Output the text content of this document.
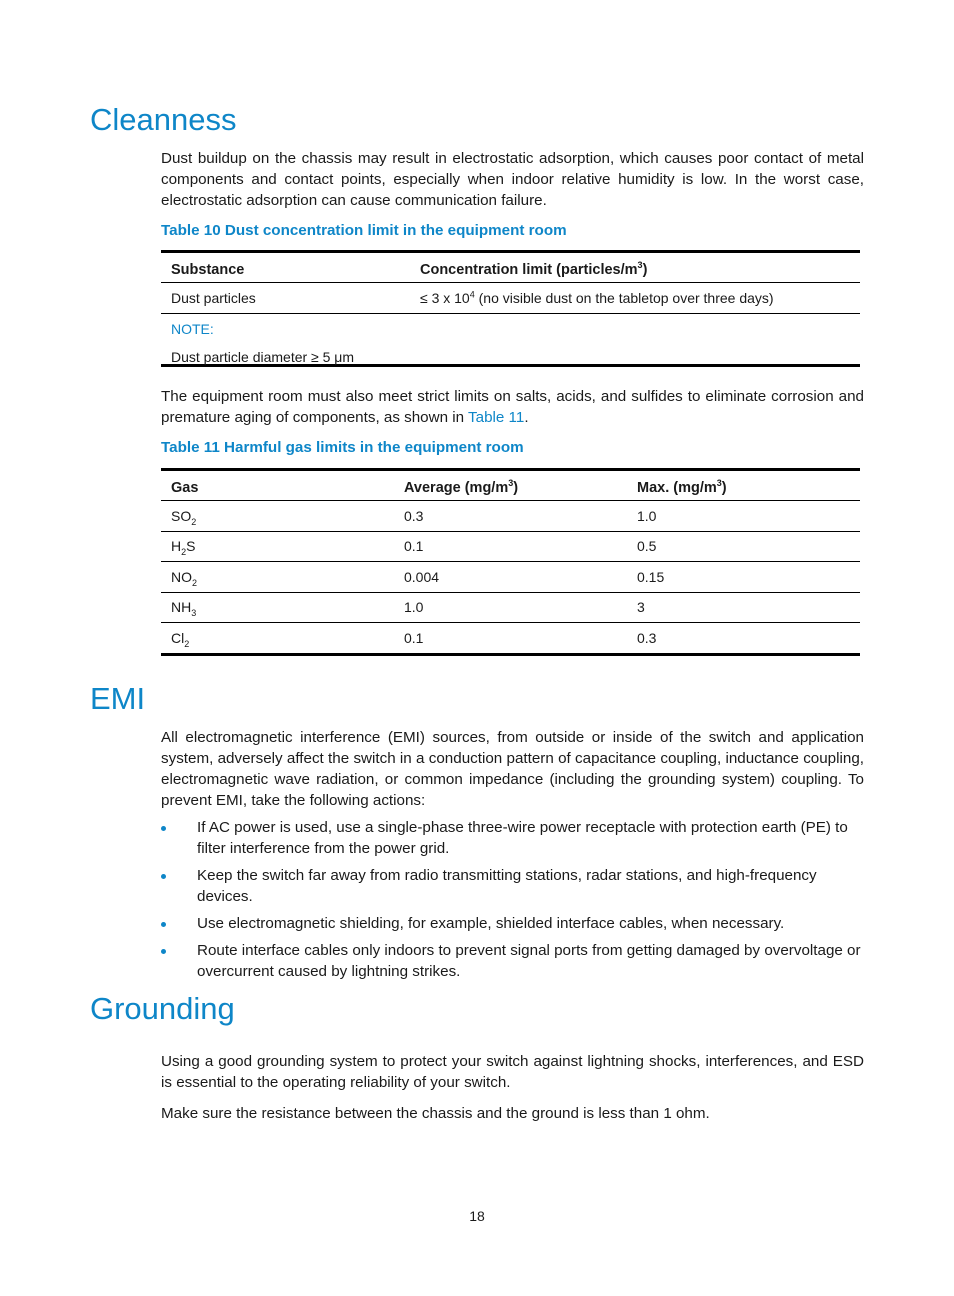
Cleanness

Dust buildup on the chassis may result in electrostatic adsorption, which causes poor contact of metal components and contact points, especially when indoor relative humidity is low. In the worst case, electrostatic adsorption can cause communication failure.

Table 10 Dust concentration limit in the equipment room

Substance	Concentration limit $(particles/m^3)$
Dust particles	≤ 3 x $10^4$ (no visible dust on the tabletop over three days)
NOTE:
Dust particle diameter ≥ 5 μm

The equipment room must also meet strict limits on salts, acids, and sulfides to eliminate corrosion and premature aging of components, as shown in Table 11.

Table 11 Harmful gas limits in the equipment room

Gas	Average $(mg/m^3)$	Max. $(mg/m^3)$
$SO_2$	0.3	1.0
$H_2S$	0.1	0.5
$NO_2$	0.004	0.15
$NH_3$	1.0	3
$Cl_2$	0.1	0.3
EMI

All electromagnetic interference (EMI) sources, from outside or inside of the switch and application system, adversely affect the switch in a conduction pattern of capacitance coupling, inductance coupling, electromagnetic wave radiation, or common impedance (including the grounding system) coupling. To prevent EMI, take the following actions:

If AC power is used, use a single-phase three-wire power receptacle with protection earth (PE) to filter interference from the power grid.
Keep the switch far away from radio transmitting stations, radar stations, and high-frequency devices.
Use electromagnetic shielding, for example, shielded interface cables, when necessary.
Route interface cables only indoors to prevent signal ports from getting damaged by overvoltage or overcurrent caused by lightning strikes.
Grounding

Using a good grounding system to protect your switch against lightning shocks, interferences, and ESD is essential to the operating reliability of your switch.

Make sure the resistance between the chassis and the ground is less than 1 ohm.

18
